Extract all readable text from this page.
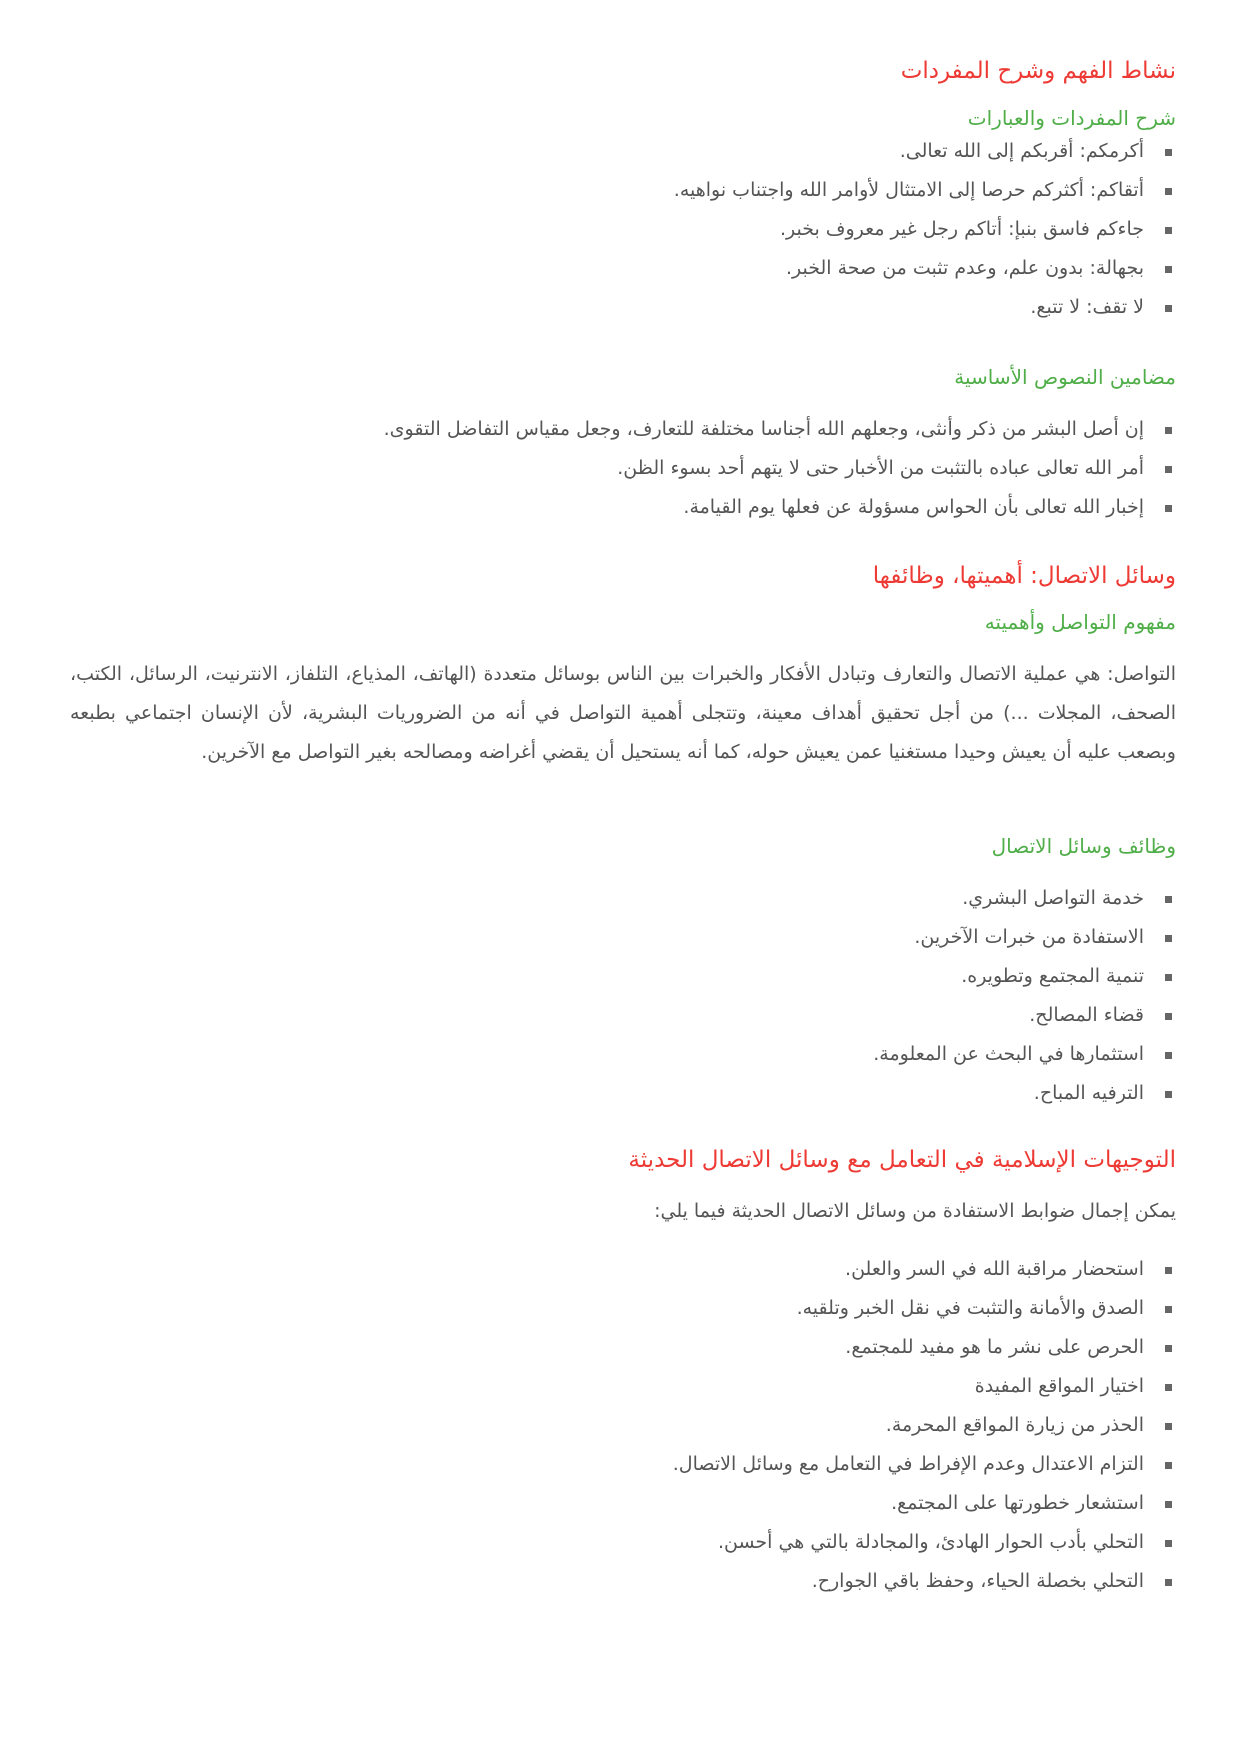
نشاط الفهم وشرح المفردات
شرح المفردات والعبارات
أكرمكم: أقربكم إلى الله تعالى.
أتقاكم: أكثركم حرصا إلى الامتثال لأوامر الله واجتناب نواهيه.
جاءكم فاسق بنبإ: أتاكم رجل غير معروف بخبر.
بجهالة: بدون علم، وعدم تثبت من صحة الخبر.
لا تقف: لا تتبع.
مضامين النصوص الأساسية
إن أصل البشر من ذكر وأنثى، وجعلهم الله أجناسا مختلفة للتعارف، وجعل مقياس التفاضل التقوى.
أمر الله تعالى عباده بالتثبت من الأخبار حتى لا يتهم أحد بسوء الظن.
إخبار الله تعالى بأن الحواس مسؤولة عن فعلها يوم القيامة.
وسائل الاتصال: أهميتها، وظائفها
مفهوم التواصل وأهميته

التواصل: هي عملية الاتصال والتعارف وتبادل الأفكار والخبرات بين الناس بوسائل متعددة (الهاتف، المذياع، التلفاز، الانترنيت، الرسائل، الكتب، الصحف، المجلات ...) من أجل تحقيق أهداف معينة، وتتجلى أهمية التواصل في أنه من الضروريات البشرية، لأن الإنسان اجتماعي بطبعه وبصعب عليه أن يعيش وحيدا مستغنيا عمن يعيش حوله، كما أنه يستحيل أن يقضي أغراضه ومصالحه بغير التواصل مع الآخرين.

وظائف وسائل الاتصال
خدمة التواصل البشري.
الاستفادة من خبرات الآخرين.
تنمية المجتمع وتطويره.
قضاء المصالح.
استثمارها في البحث عن المعلومة.
الترفيه المباح.
التوجيهات الإسلامية في التعامل مع وسائل الاتصال الحديثة

يمكن إجمال ضوابط الاستفادة من وسائل الاتصال الحديثة فيما يلي:

استحضار مراقبة الله في السر والعلن.
الصدق والأمانة والتثبت في نقل الخبر وتلقيه.
الحرص على نشر ما هو مفيد للمجتمع.
اختيار المواقع المفيدة
الحذر من زيارة المواقع المحرمة.
التزام الاعتدال وعدم الإفراط في التعامل مع وسائل الاتصال.
استشعار خطورتها على المجتمع.
التحلي بأدب الحوار الهادئ، والمجادلة بالتي هي أحسن.
التحلي بخصلة الحياء، وحفظ باقي الجوارح.
